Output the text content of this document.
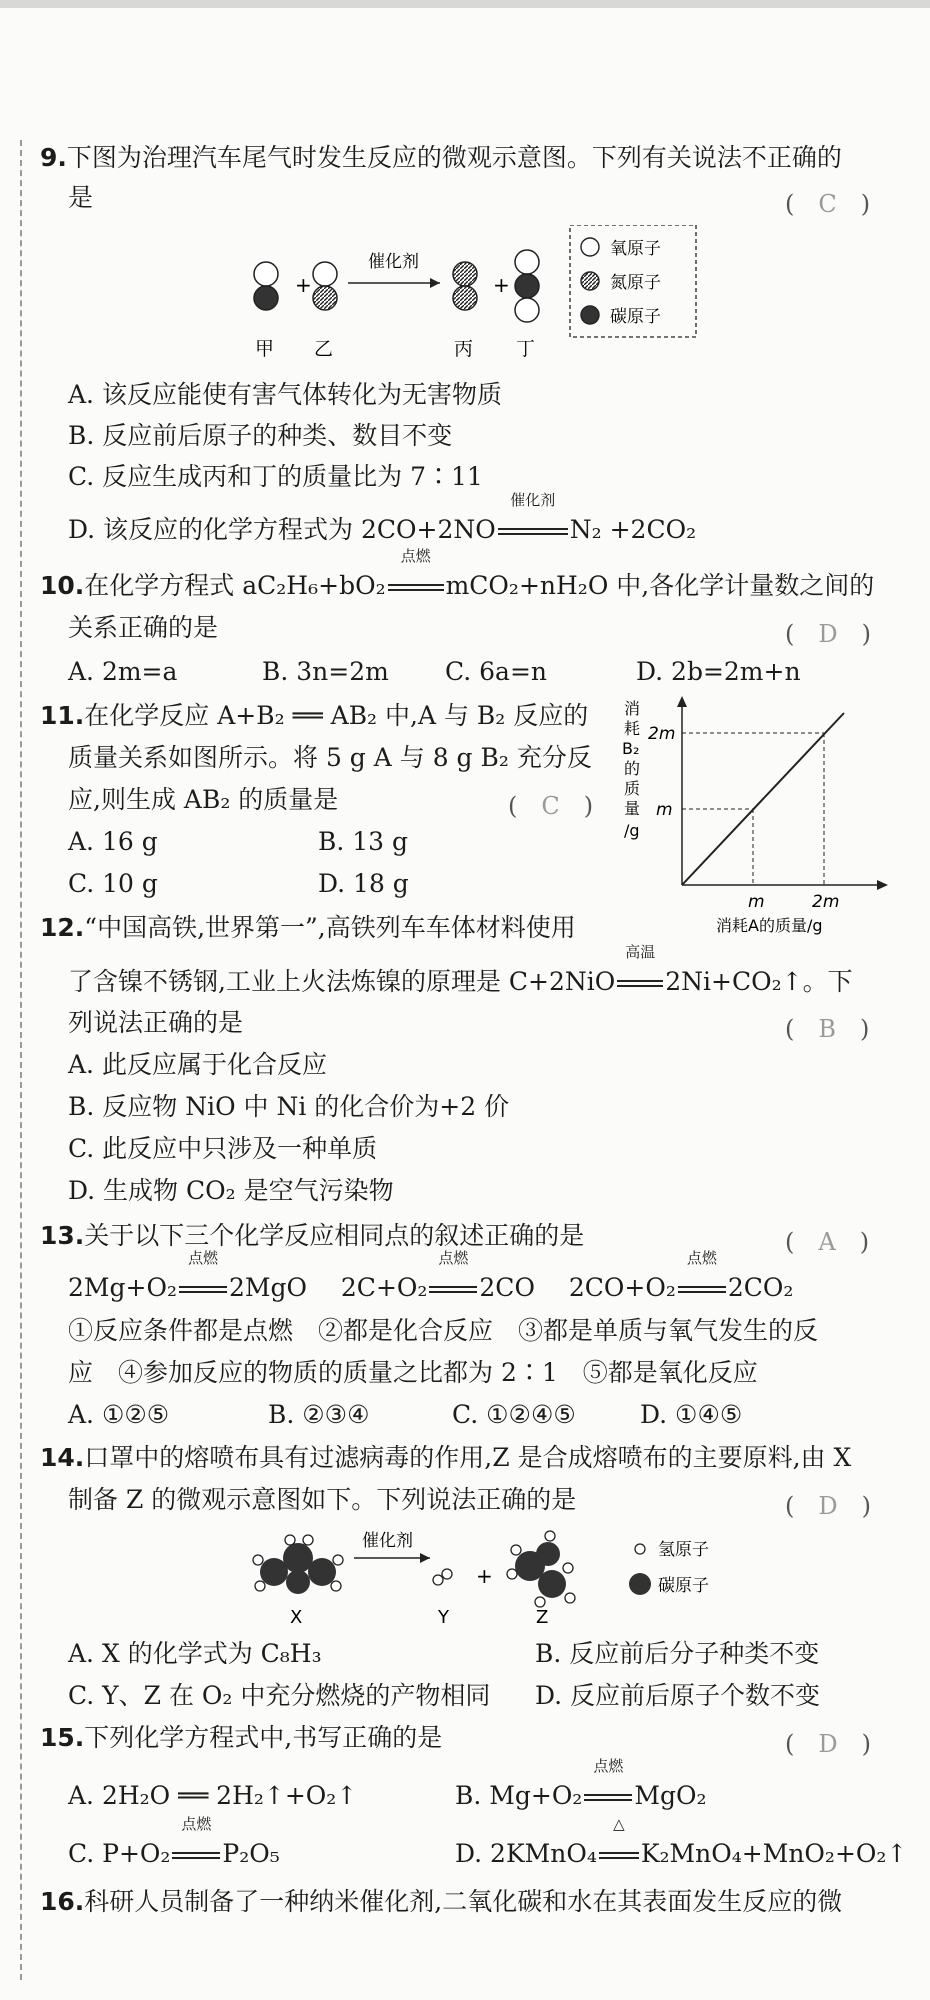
9.下图为治理汽车尾气时发生反应的微观示意图。下列有关说法不正确的
是	(　C　)
+
催化剂
+
甲 乙	丙 丁
氧原子
氮原子
碳原子
A. 该反应能使有害气体转化为无害物质
B. 反应前后原子的种类、数目不变
C. 反应生成丙和丁的质量比为 7∶11
D. 该反应的化学方程式为 2CO+2NO
催化剂
N₂ +2CO₂
10.在化学方程式 aC₂H₆+bO₂
点燃
mCO₂+nH₂O 中,各化学计量数之间的
关系正确的是	(　D　)
A. 2m=a	B. 3n=2m C. 6a=n	D. 2b=2m+n
11.在化学反应 A+B₂ ══ AB₂ 中,A 与 B₂ 反应的
质量关系如图所示。将 5 g A 与 8 g B₂ 充分反
应,则生成 AB₂ 的质量是	(　C　)
A. 16 g	B. 13 g
C. 10 g	D. 18 g
消
耗
B₂
的
质
量
/g
2m
m
m	2m
消耗A的质量/g
12.“中国高铁,世界第一”,高铁列车车体材料使用
了含镍不锈钢,工业上火法炼镍的原理是 C+2NiO
高温
2Ni+CO₂↑。下
列说法正确的是	(　B　)
A. 此反应属于化合反应
B. 反应物 NiO 中 Ni 的化合价为+2 价
C. 此反应中只涉及一种单质
D. 生成物 CO₂ 是空气污染物
13.关于以下三个化学反应相同点的叙述正确的是	(　A　)
2Mg+O₂
点燃
2MgO 2C+O₂
点燃
2CO 2CO+O₂
点燃
2CO₂
①反应条件都是点燃　②都是化合反应　③都是单质与氧气发生的反
应　④参加反应的物质的质量之比都为 2∶1　⑤都是氧化反应
A. ①②⑤	B. ②③④	C. ①②④⑤	D. ①④⑤
14.口罩中的熔喷布具有过滤病毒的作用,Z 是合成熔喷布的主要原料,由 X
制备 Z 的微观示意图如下。下列说法正确的是	(　D　)
催化剂
+
氢原子
碳原子
X	Y	Z
A. X 的化学式为 C₈H₃	B. 反应前后分子种类不变
C. Y、Z 在 O₂ 中充分燃烧的产物相同 D. 反应前后原子个数不变
15.下列化学方程式中,书写正确的是	(　D　)
A. 2H₂O ══ 2H₂↑+O₂↑	B. Mg+O₂
点燃
MgO₂
C. P+O₂
点燃
P₂O₅	D. 2KMnO₄
△
K₂MnO₄+MnO₂+O₂↑
16.科研人员制备了一种纳米催化剂,二氧化碳和水在其表面发生反应的微
